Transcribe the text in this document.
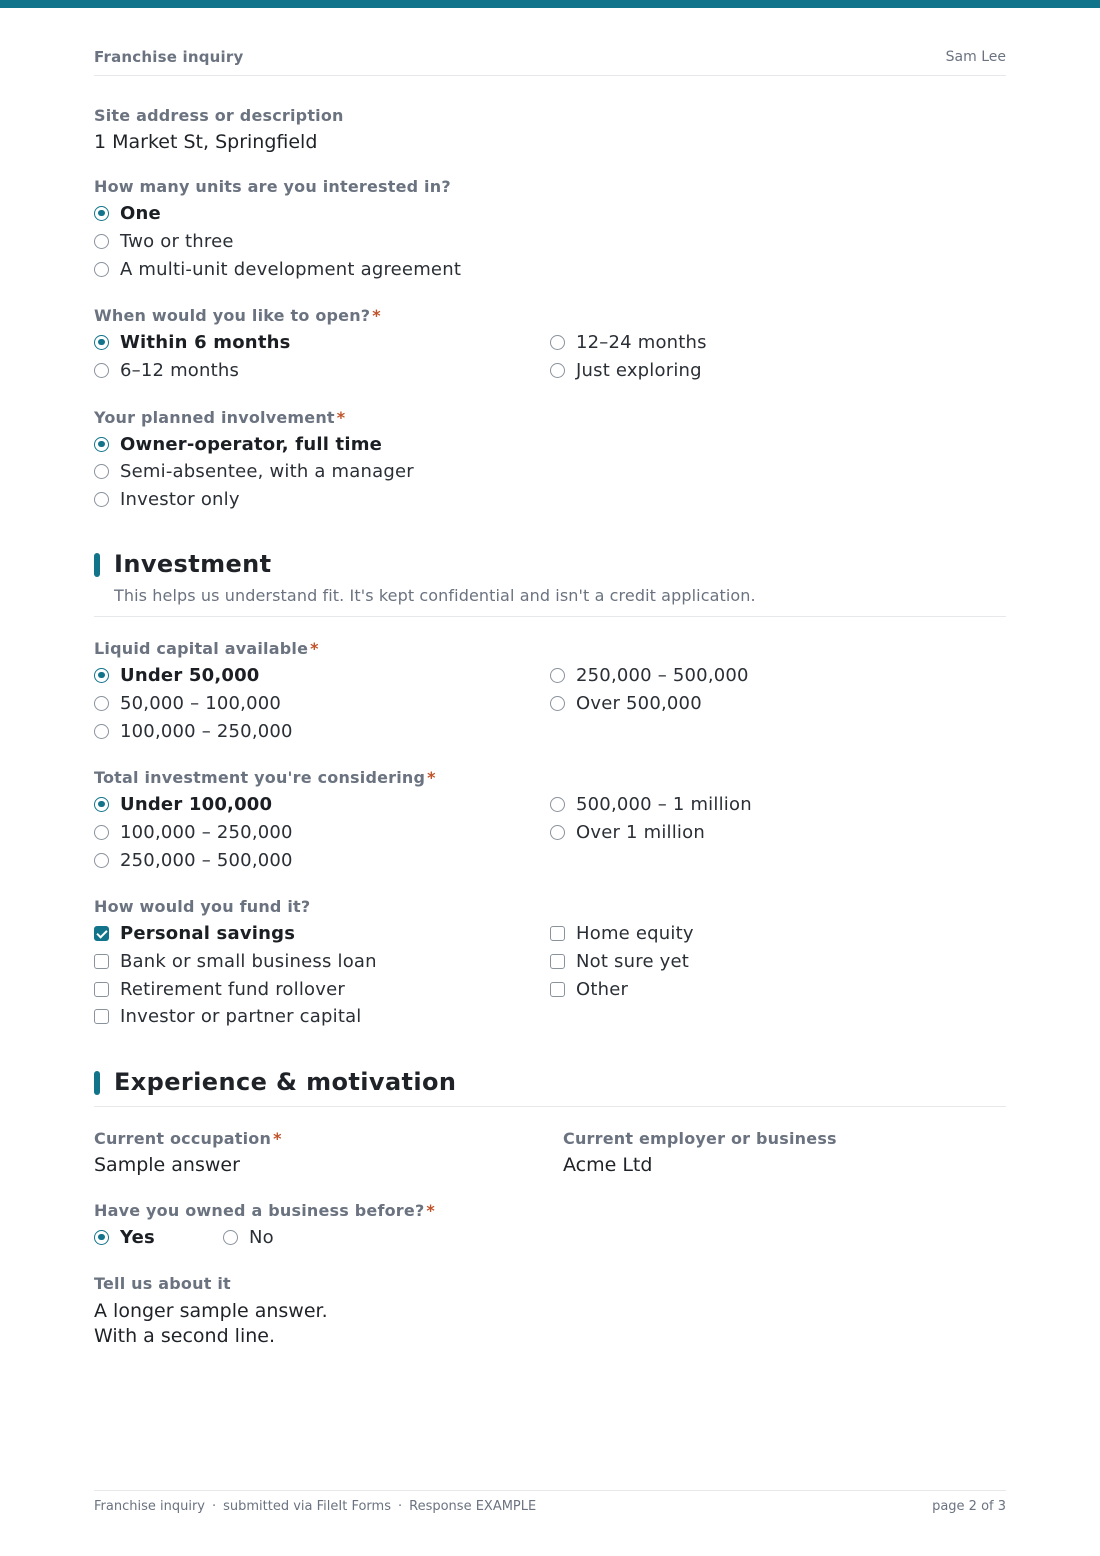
Franchise inquiry	Sam Lee
Site address or description
1 Market St, Springfield
How many units are you interested in?
One
Two or three
A multi-unit development agreement
When would you like to open? *
Within 6 months
6–12 months
12–24 months
Just exploring
Your planned involvement *
Owner-operator, full time
Semi-absentee, with a manager
Investor only
Investment
This helps us understand fit. It's kept confidential and isn't a credit application.
Liquid capital available *
Under 50,000
50,000 – 100,000
100,000 – 250,000
250,000 – 500,000
Over 500,000
Total investment you're considering *
Under 100,000
100,000 – 250,000
250,000 – 500,000
500,000 – 1 million
Over 1 million
How would you fund it?
Personal savings
Bank or small business loan
Retirement fund rollover
Investor or partner capital
Home equity
Not sure yet
Other
Experience & motivation
Current occupation *
Sample answer
Current employer or business
Acme Ltd
Have you owned a business before? *
Yes	No
Tell us about it
A longer sample answer.
With a second line.
Franchise inquiry · submitted via FileIt Forms · Response EXAMPLE	page 2 of 3
